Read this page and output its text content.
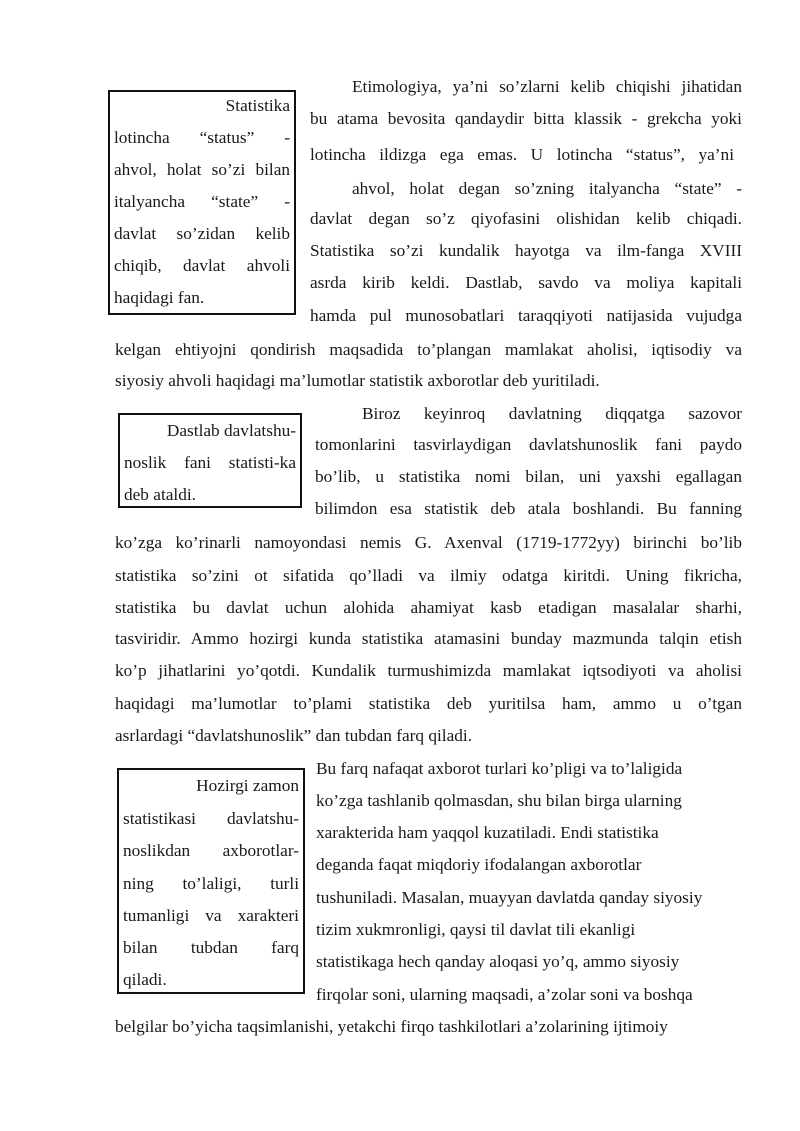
Statistika
lotincha “status” -
ahvol, holat so’zi bilan
italyancha “state” -
davlat so’zidan kelib
chiqib, davlat ahvoli
haqidagi fan.
Dastlab davlatshu-
noslik fani statisti-ka
deb ataldi.
Hozirgi zamon
statistikasi davlatshu-
noslikdan axborotlar-
ning to’laligi, turli
tumanligi va xarakteri
bilan tubdan farq
qiladi.
Etimologiya, ya’ni so’zlarni kelib chiqishi jihatidan
bu atama bevosita qandaydir bitta klassik - grekcha yoki
lotincha ildizga ega emas. U lotincha “status”, ya’ni
ahvol, holat degan so’zning italyancha “state” -
davlat degan so’z qiyofasini olishidan kelib chiqadi.
Statistika so’zi kundalik hayotga va ilm-fanga XVIII
asrda kirib keldi. Dastlab, savdo va moliya kapitali
hamda pul munosobatlari taraqqiyoti natijasida vujudga
kelgan ehtiyojni qondirish maqsadida to’plangan mamlakat aholisi, iqtisodiy va
siyosiy ahvoli haqidagi ma’lumotlar statistik axborotlar deb yuritiladi.
Biroz keyinroq davlatning diqqatga sazovor
tomonlarini tasvirlaydigan davlatshunoslik fani paydo
bo’lib, u statistika nomi bilan, uni yaxshi egallagan
bilimdon esa statistik deb atala boshlandi. Bu fanning
ko’zga ko’rinarli namoyondasi nemis G. Axenval (1719-1772yy) birinchi bo’lib
statistika so’zini ot sifatida qo’lladi va ilmiy odatga kiritdi. Uning fikricha,
statistika bu davlat uchun alohida ahamiyat kasb etadigan masalalar sharhi,
tasviridir. Ammo hozirgi kunda statistika atamasini bunday mazmunda talqin etish
ko’p jihatlarini yo’qotdi. Kundalik turmushimizda mamlakat iqtsodiyoti va aholisi
haqidagi ma’lumotlar to’plami statistika deb yuritilsa ham, ammo u o’tgan
asrlardagi “davlatshunoslik” dan tubdan farq qiladi.
Bu farq nafaqat axborot turlari ko’pligi va to’laligida
ko’zga tashlanib qolmasdan, shu bilan birga ularning
xarakterida ham yaqqol kuzatiladi. Endi statistika
deganda faqat miqdoriy ifodalangan axborotlar
tushuniladi. Masalan, muayyan davlatda qanday siyosiy
tizim xukmronligi, qaysi til davlat tili ekanligi
statistikaga hech qanday aloqasi yo’q, ammo siyosiy
firqolar soni, ularning maqsadi, a’zolar soni va boshqa
belgilar bo’yicha taqsimlanishi, yetakchi firqo tashkilotlari a’zolarining ijtimoiy
